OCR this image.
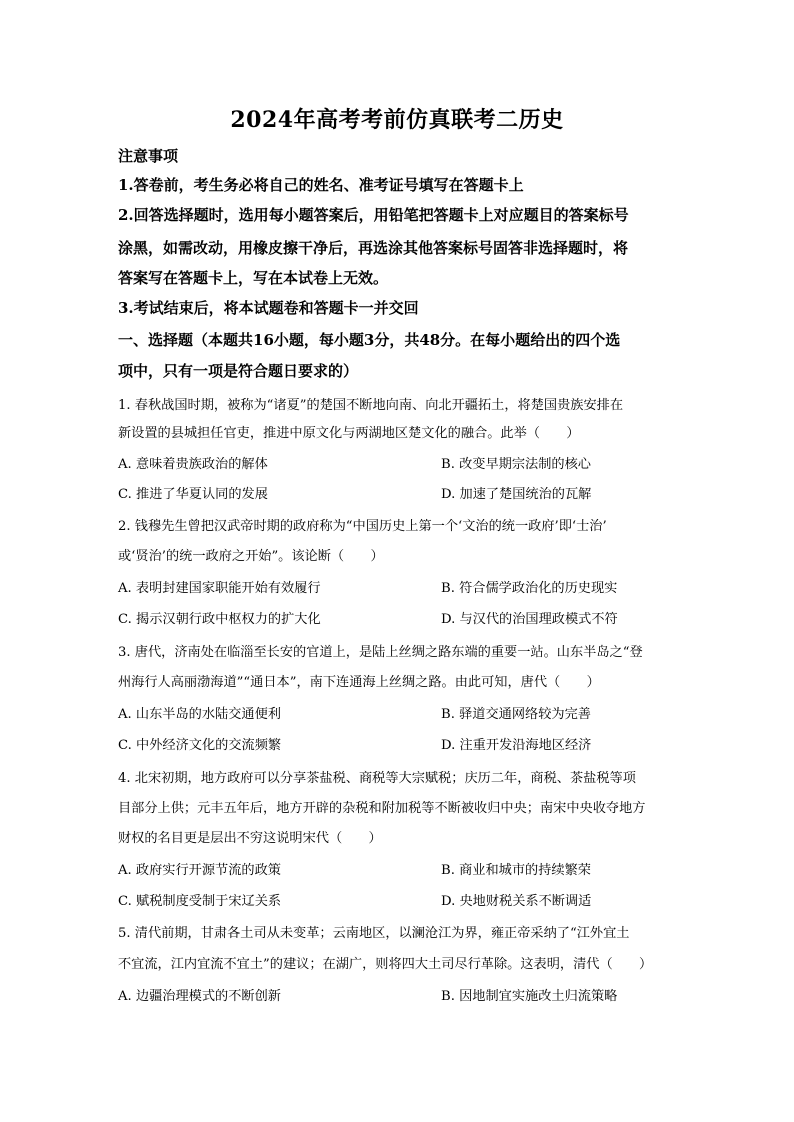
2024年高考考前仿真联考二历史
注意事项
1.答卷前，考生务必将自己的姓名、准考证号填写在答题卡上
2.回答选择题时，选用每小题答案后，用铅笔把答题卡上对应题目的答案标号
涂黑，如需改动，用橡皮擦干净后，再选涂其他答案标号固答非选择题时，将
答案写在答题卡上，写在本试卷上无效。
3.考试结束后，将本试题卷和答题卡一并交回
一、选择题（本题共16小题，每小题3分，共48分。在每小题给出的四个选
项中，只有一项是符合题日要求的）
1. 春秋战国时期，被称为“诸夏”的楚国不断地向南、向北开疆拓土，将楚国贵族安排在
新设置的县城担任官吏，推进中原文化与两湖地区楚文化的融合。此举（　　）
A. 意味着贵族政治的解体	B. 改变早期宗法制的核心
C. 推进了华夏认同的发展	D. 加速了楚国统治的瓦解
2. 钱穆先生曾把汉武帝时期的政府称为“中国历史上第一个‘文治的统一政府’即‘士治’
或‘贤治’的统一政府之开始”。该论断（　　）
A. 表明封建国家职能开始有效履行	B. 符合儒学政治化的历史现实
C. 揭示汉朝行政中枢权力的扩大化	D. 与汉代的治国理政模式不符
3. 唐代，济南处在临淄至长安的官道上，是陆上丝绸之路东端的重要一站。山东半岛之“登
州海行人高丽渤海道”“通日本”，南下连通海上丝绸之路。由此可知，唐代（　　）
A. 山东半岛的水陆交通便利	B. 驿道交通网络较为完善
C. 中外经济文化的交流频繁	D. 注重开发沿海地区经济
4. 北宋初期，地方政府可以分享茶盐税、商税等大宗赋税；庆历二年，商税、茶盐税等项
目部分上供；元丰五年后，地方开辟的杂税和附加税等不断被收归中央；南宋中央收夺地方
财权的名目更是层出不穷这说明宋代（　　）
A. 政府实行开源节流的政策	B. 商业和城市的持续繁荣
C. 赋税制度受制于宋辽关系	D. 央地财税关系不断调适
5. 清代前期，甘肃各土司从未变革；云南地区，以澜沧江为界，雍正帝采纳了“江外宜土
不宜流，江内宜流不宜土”的建议；在湖广，则将四大土司尽行革除。这表明，清代（　　）
A. 边疆治理模式的不断创新	B. 因地制宜实施改土归流策略
